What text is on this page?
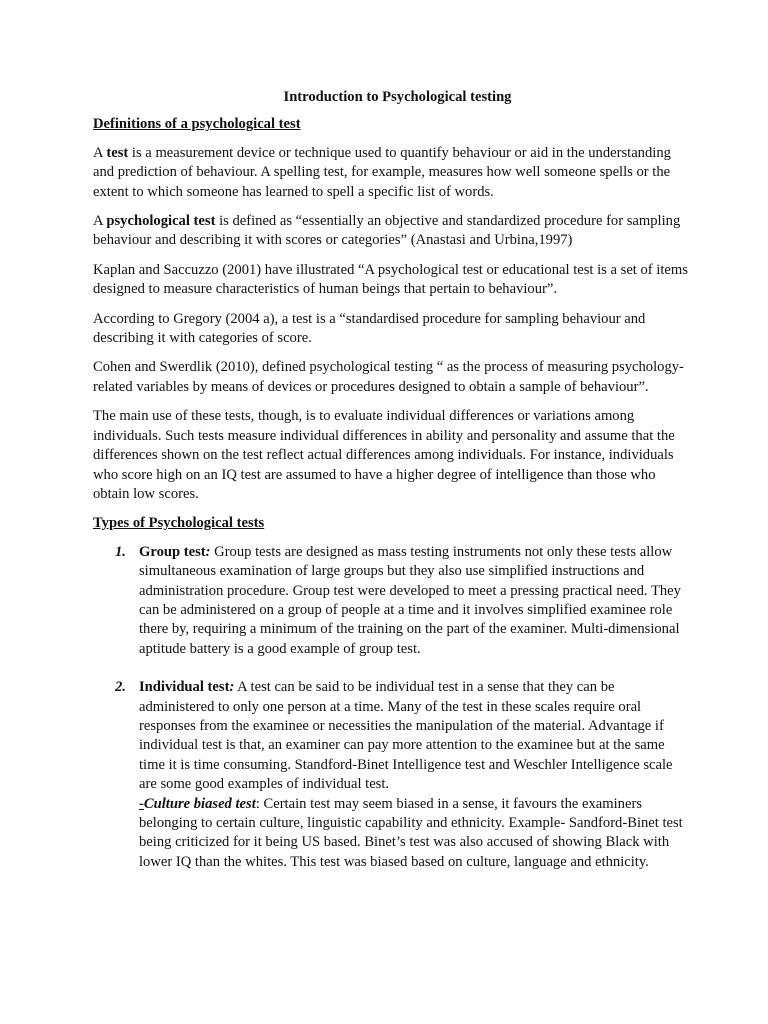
Introduction to Psychological testing
Definitions of a psychological test

A test is a measurement device or technique used to quantify behaviour or aid in the understanding and prediction of behaviour. A spelling test, for example, measures how well someone spells or the extent to which someone has learned to spell a specific list of words.

A psychological test is defined as “essentially an objective and standardized procedure for sampling behaviour and describing it with scores or categories” (Anastasi and Urbina,1997)

Kaplan and Saccuzzo (2001) have illustrated “A psychological test or educational test is a set of items designed to measure characteristics of human beings that pertain to behaviour”.

According to Gregory (2004 a), a test is a “standardised procedure for sampling behaviour and describing it with categories of score.

Cohen and Swerdlik (2010), defined psychological testing “ as the process of measuring psychology-related variables by means of devices or procedures designed to obtain a sample of behaviour”.

The main use of these tests, though, is to evaluate individual differences or variations among individuals. Such tests measure individual differences in ability and personality and assume that the differences shown on the test reflect actual differences among individuals. For instance, individuals who score high on an IQ test are assumed to have a higher degree of intelligence than those who obtain low scores.

Types of Psychological tests
1. Group test: Group tests are designed as mass testing instruments not only these tests allow simultaneous examination of large groups but they also use simplified instructions and administration procedure. Group test were developed to meet a pressing practical need. They can be administered on a group of people at a time and it involves simplified examinee role there by, requiring a minimum of the training on the part of the examiner. Multi-dimensional aptitude battery is a good example of group test.
2. Individual test: A test can be said to be individual test in a sense that they can be administered to only one person at a time. Many of the test in these scales require oral responses from the examinee or necessities the manipulation of the material. Advantage if individual test is that, an examiner can pay more attention to the examinee but at the same time it is time consuming. Standford-Binet Intelligence test and Weschler Intelligence scale are some good examples of individual test.
-Culture biased test: Certain test may seem biased in a sense, it favours the examiners belonging to certain culture, linguistic capability and ethnicity. Example- Sandford-Binet test being criticized for it being US based. Binet’s test was also accused of showing Black with lower IQ than the whites. This test was biased based on culture, language and ethnicity.
